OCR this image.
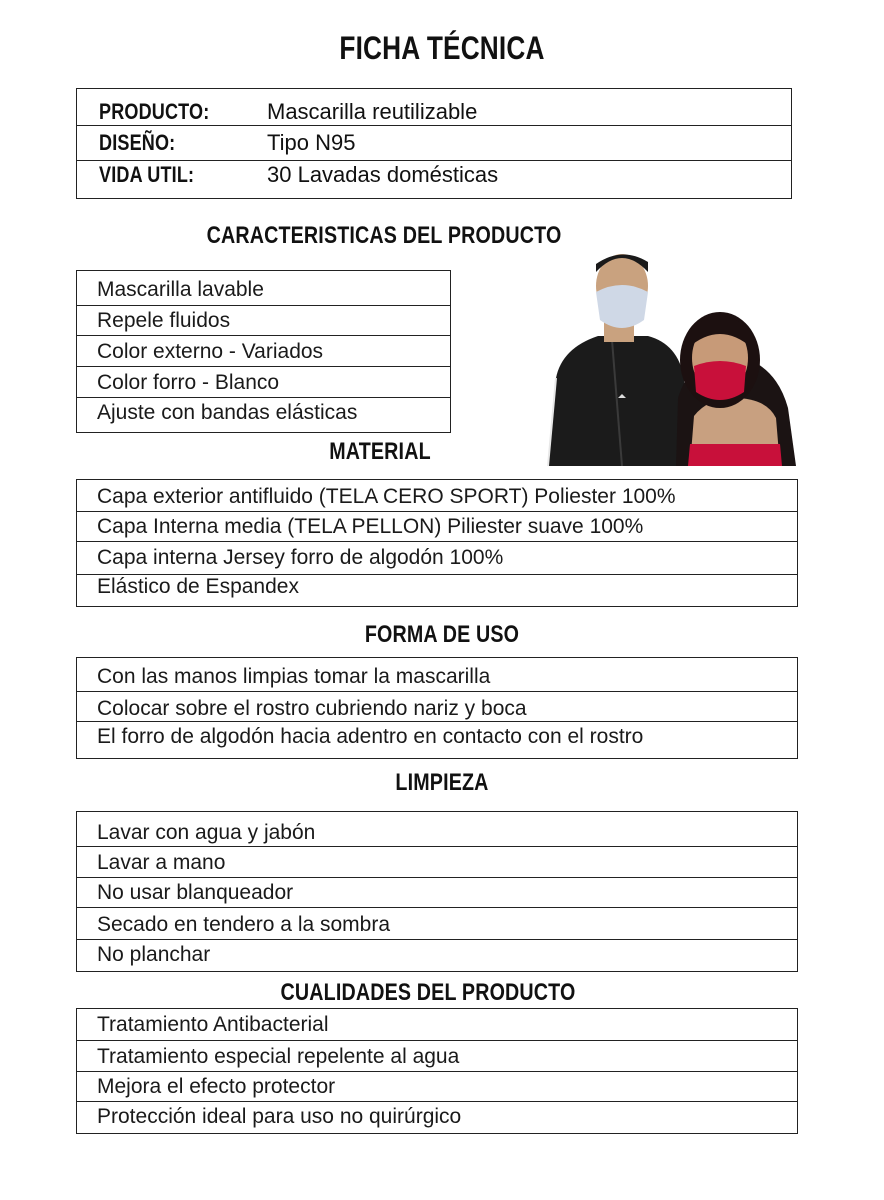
FICHA TÉCNICA
PRODUCTO:	Mascarilla reutilizable
DISEÑO:	Tipo N95
VIDA UTIL:	30 Lavadas domésticas
CARACTERISTICAS DEL PRODUCTO
Mascarilla lavable
Repele fluidos
Color externo - Variados
Color forro - Blanco
Ajuste con bandas elásticas
MATERIAL
Capa exterior antifluido (TELA CERO SPORT) Poliester 100%
Capa Interna media (TELA PELLON) Piliester suave 100%
Capa interna Jersey forro de algodón 100%
Elástico de Espandex
FORMA DE USO
Con las manos limpias tomar la mascarilla
Colocar sobre el rostro cubriendo nariz y boca
El forro de algodón hacia adentro en contacto con el rostro
LIMPIEZA
Lavar con agua y jabón
Lavar a mano
No usar blanqueador
Secado en tendero a la sombra
No planchar
CUALIDADES DEL PRODUCTO
Tratamiento Antibacterial
Tratamiento especial repelente al agua
Mejora el efecto protector
Protección ideal para uso no quirúrgico
